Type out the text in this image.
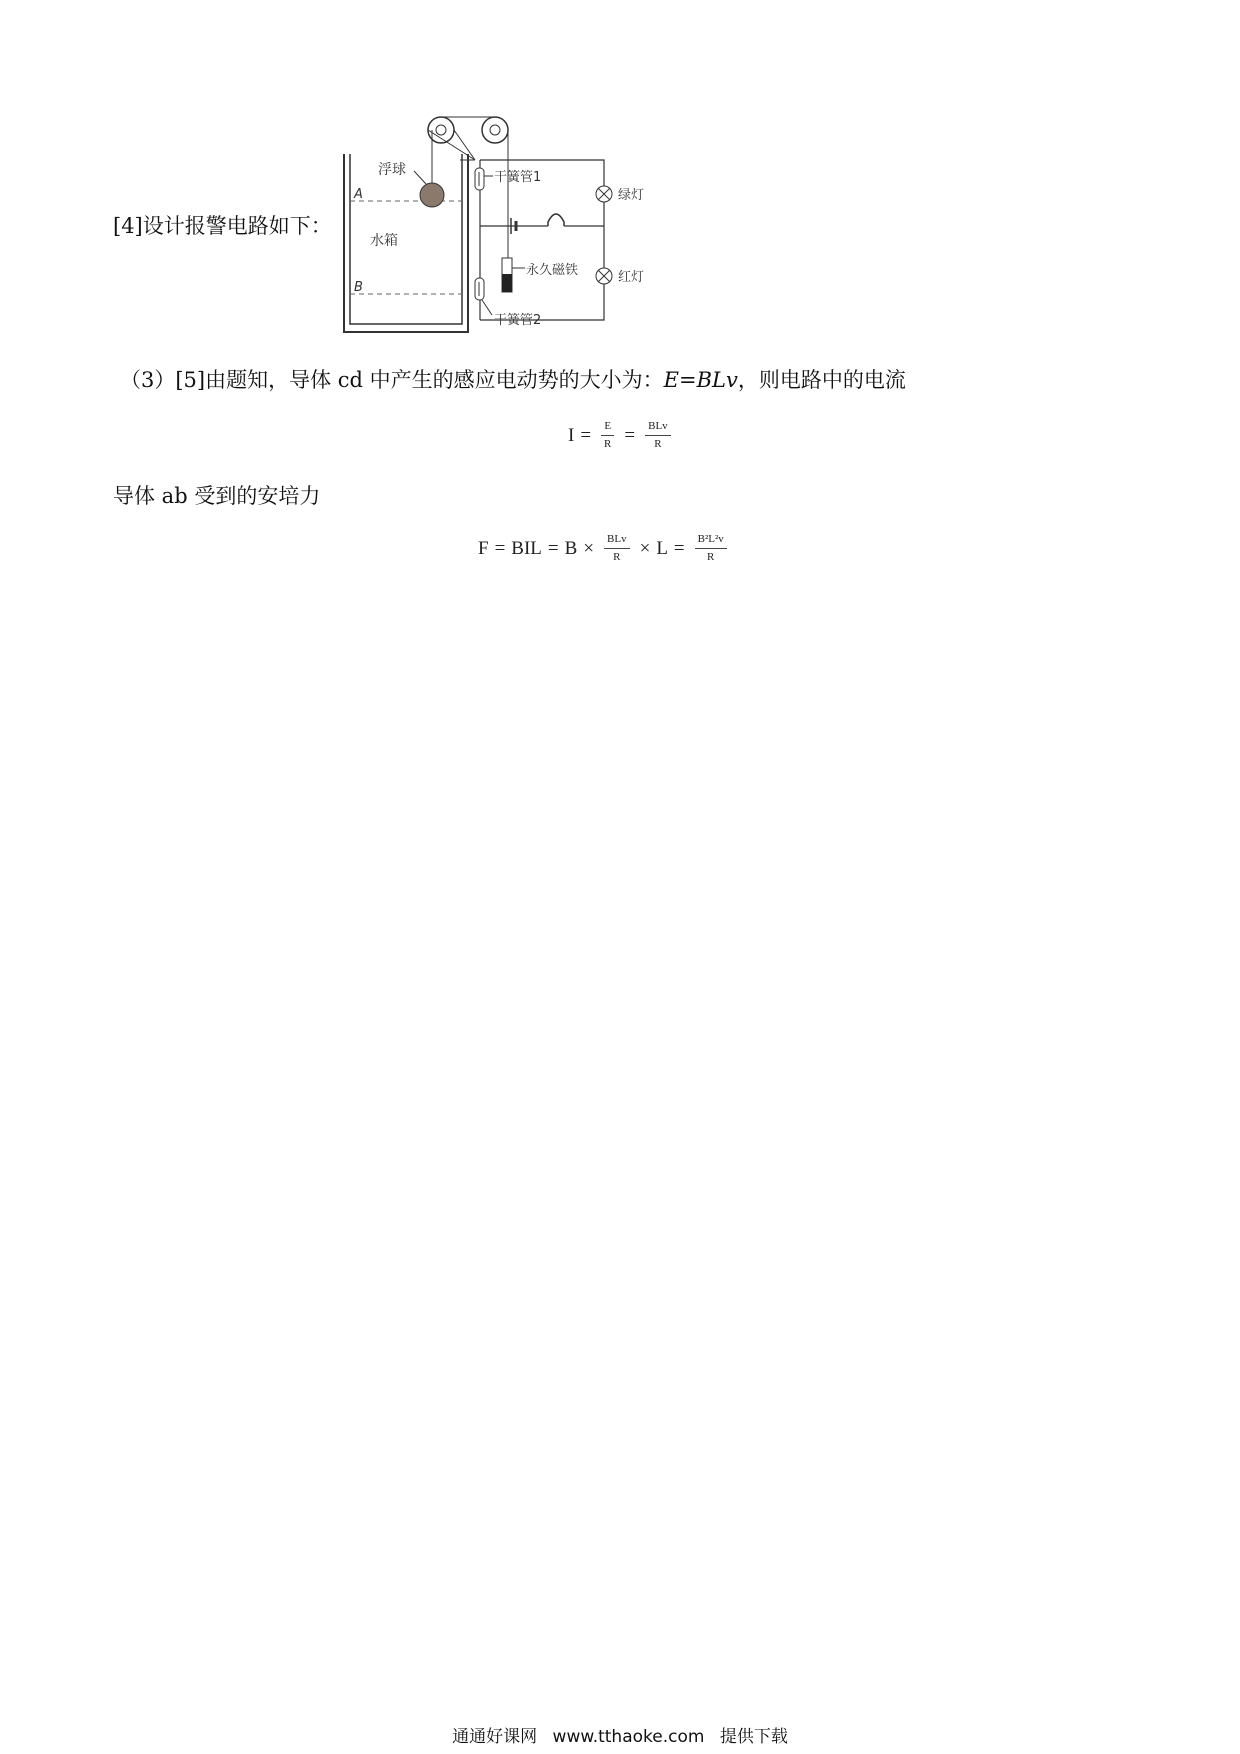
[4]设计报警电路如下：
A
B
水箱
浮球	干簧管1
干簧管2
永久磁铁
绿灯
红灯
（3）[5]由题知，导体 cd 中产生的感应电动势的大小为：E=BLv，则电路中的电流
$I = \frac{E}{R} = \frac{\text{BLv}}{R}$
导体 ab 受到的安培力
F = BIL = $B \times \frac{\text{BLv}}{R} \times L = \frac{\text{B²L²v}}{R}$
通通好课网 www.tthaoke.com 提供下载
